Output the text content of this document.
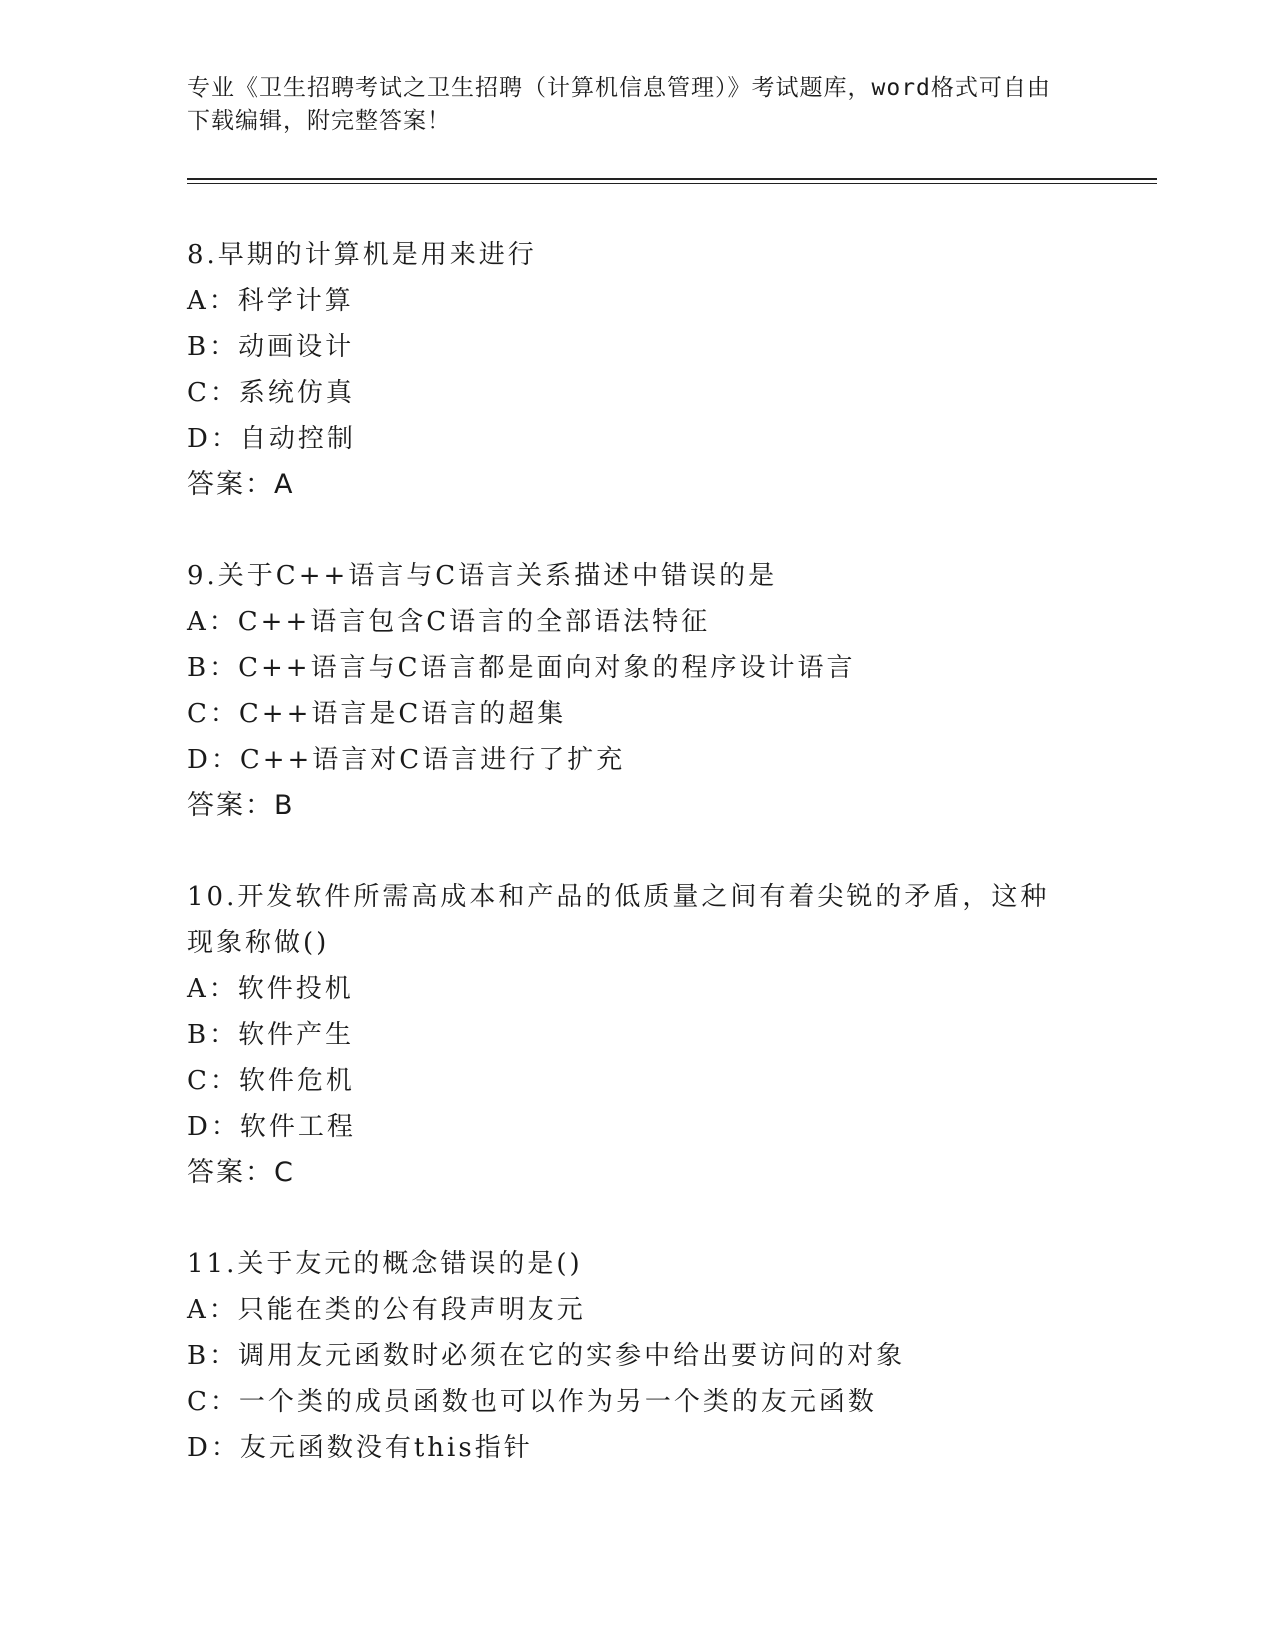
专业《卫生招聘考试之卫生招聘（计算机信息管理）》考试题库，word格式可自由下载编辑，附完整答案！
8.早期的计算机是用来进行
A：科学计算
B：动画设计
C：系统仿真
D：自动控制
答案：A
9.关于C++语言与C语言关系描述中错误的是
A：C++语言包含C语言的全部语法特征
B：C++语言与C语言都是面向对象的程序设计语言
C：C++语言是C语言的超集
D：C++语言对C语言进行了扩充
答案：B
10.开发软件所需高成本和产品的低质量之间有着尖锐的矛盾，这种现象称做()
A：软件投机
B：软件产生
C：软件危机
D：软件工程
答案：C
11.关于友元的概念错误的是()
A：只能在类的公有段声明友元
B：调用友元函数时必须在它的实参中给出要访问的对象
C：一个类的成员函数也可以作为另一个类的友元函数
D：友元函数没有this指针
